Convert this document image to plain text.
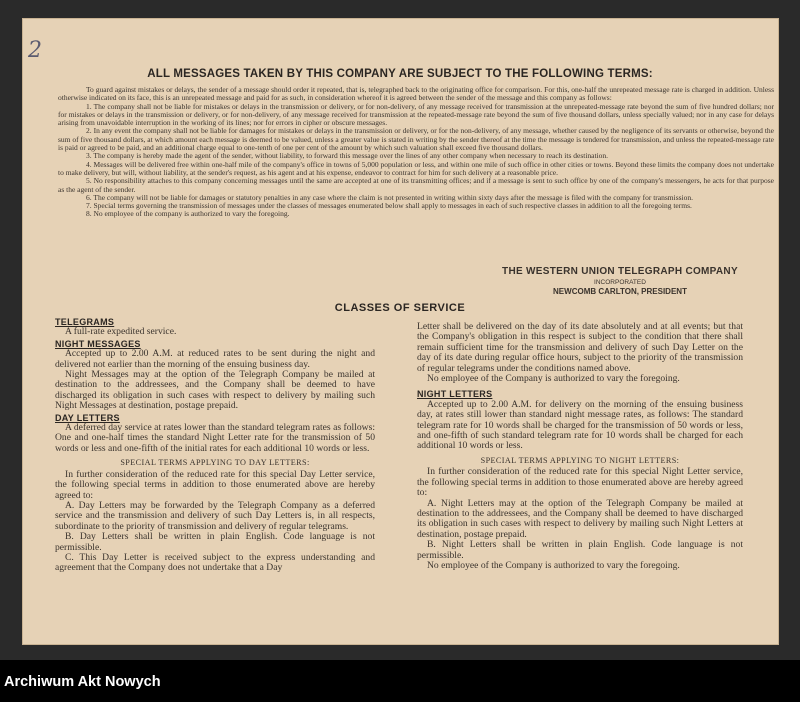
2
ALL MESSAGES TAKEN BY THIS COMPANY ARE SUBJECT TO THE FOLLOWING TERMS:

To guard against mistakes or delays, the sender of a message should order it repeated, that is, telegraphed back to the originating office for comparison. For this, one-half the unrepeated message rate is charged in addition. Unless otherwise indicated on its face, this is an unrepeated message and paid for as such, in consideration whereof it is agreed between the sender of the message and this company as follows:

1. The company shall not be liable for mistakes or delays in the transmission or delivery, or for non-delivery, of any message received for transmission at the unrepeated-message rate beyond the sum of five hundred dollars; nor for mistakes or delays in the transmission or delivery, or for non-delivery, of any message received for transmission at the repeated-message rate beyond the sum of five thousand dollars, unless specially valued; nor in any case for delays arising from unavoidable interruption in the working of its lines; nor for errors in cipher or obscure messages.

2. In any event the company shall not be liable for damages for mistakes or delays in the transmission or delivery, or for the non-delivery, of any message, whether caused by the negligence of its servants or otherwise, beyond the sum of five thousand dollars, at which amount each message is deemed to be valued, unless a greater value is stated in writing by the sender thereof at the time the message is tendered for transmission, and unless the repeated-message rate is paid or agreed to be paid, and an additional charge equal to one-tenth of one per cent of the amount by which such valuation shall exceed five thousand dollars.

3. The company is hereby made the agent of the sender, without liability, to forward this message over the lines of any other company when necessary to reach its destination.

4. Messages will be delivered free within one-half mile of the company's office in towns of 5,000 population or less, and within one mile of such office in other cities or towns. Beyond these limits the company does not undertake to make delivery, but will, without liability, at the sender's request, as his agent and at his expense, endeavor to contract for him for such delivery at a reasonable price.

5. No responsibility attaches to this company concerning messages until the same are accepted at one of its transmitting offices; and if a message is sent to such office by one of the company's messengers, he acts for that purpose as the agent of the sender.

6. The company will not be liable for damages or statutory penalties in any case where the claim is not presented in writing within sixty days after the message is filed with the company for transmission.

7. Special terms governing the transmission of messages under the classes of messages enumerated below shall apply to messages in each of such respective classes in addition to all the foregoing terms.

8. No employee of the company is authorized to vary the foregoing.

THE WESTERN UNION TELEGRAPH COMPANY
INCORPORATED
NEWCOMB CARLTON, PRESIDENT
CLASSES OF SERVICE
TELEGRAMS

A full-rate expedited service.

NIGHT MESSAGES

Accepted up to 2.00 A.M. at reduced rates to be sent during the night and delivered not earlier than the morning of the ensuing business day.

Night Messages may at the option of the Telegraph Company be mailed at destination to the addressees, and the Company shall be deemed to have discharged its obligation in such cases with respect to delivery by mailing such Night Messages at destination, postage prepaid.

DAY LETTERS

A deferred day service at rates lower than the standard telegram rates as follows: One and one-half times the standard Night Letter rate for the transmission of 50 words or less and one-fifth of the initial rates for each additional 10 words or less.

SPECIAL TERMS APPLYING TO DAY LETTERS:

In further consideration of the reduced rate for this special Day Letter service, the following special terms in addition to those enumerated above are hereby agreed to:

A. Day Letters may be forwarded by the Telegraph Company as a deferred service and the transmission and delivery of such Day Letters is, in all respects, subordinate to the priority of transmission and delivery of regular telegrams.

B. Day Letters shall be written in plain English. Code language is not permissible.

C. This Day Letter is received subject to the express understanding and agreement that the Company does not undertake that a Day

Letter shall be delivered on the day of its date absolutely and at all events; but that the Company's obligation in this respect is subject to the condition that there shall remain sufficient time for the transmission and delivery of such Day Letter on the day of its date during regular office hours, subject to the priority of the transmission of regular telegrams under the conditions named above.

No employee of the Company is authorized to vary the foregoing.

NIGHT LETTERS

Accepted up to 2.00 A.M. for delivery on the morning of the ensuing business day, at rates still lower than standard night message rates, as follows: The standard telegram rate for 10 words shall be charged for the transmission of 50 words or less, and one-fifth of such standard telegram rate for 10 words shall be charged for each additional 10 words or less.

SPECIAL TERMS APPLYING TO NIGHT LETTERS:

In further consideration of the reduced rate for this special Night Letter service, the following special terms in addition to those enumerated above are hereby agreed to:

A. Night Letters may at the option of the Telegraph Company be mailed at destination to the addressees, and the Company shall be deemed to have discharged its obligation in such cases with respect to delivery by mailing such Night Letters at destination, postage prepaid.

B. Night Letters shall be written in plain English. Code language is not permissible.

No employee of the Company is authorized to vary the foregoing.

Archiwum Akt Nowych
